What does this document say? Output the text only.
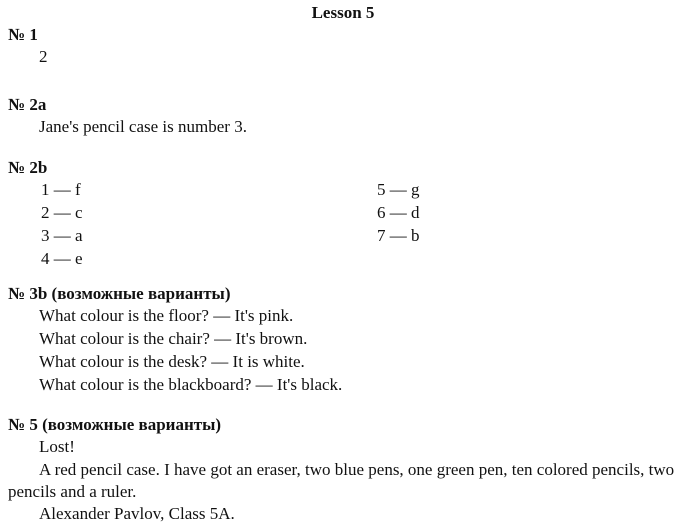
Lesson 5
№ 1
2
№ 2a
Jane's pencil case is number 3.
№ 2b
1 — f
2 — c
3 — a
4 — e
5 — g
6 — d
7 — b
№ 3b (возможные варианты)
What colour is the floor? — It's pink.
What colour is the chair? — It's brown.
What colour is the desk? — It is white.
What colour is the blackboard? — It's black.
№ 5 (возможные варианты)
Lost!
A red pencil case. I have got an eraser, two blue pens, one green pen, ten colored pencils, two pencils and a ruler.
Alexander Pavlov, Class 5A.
